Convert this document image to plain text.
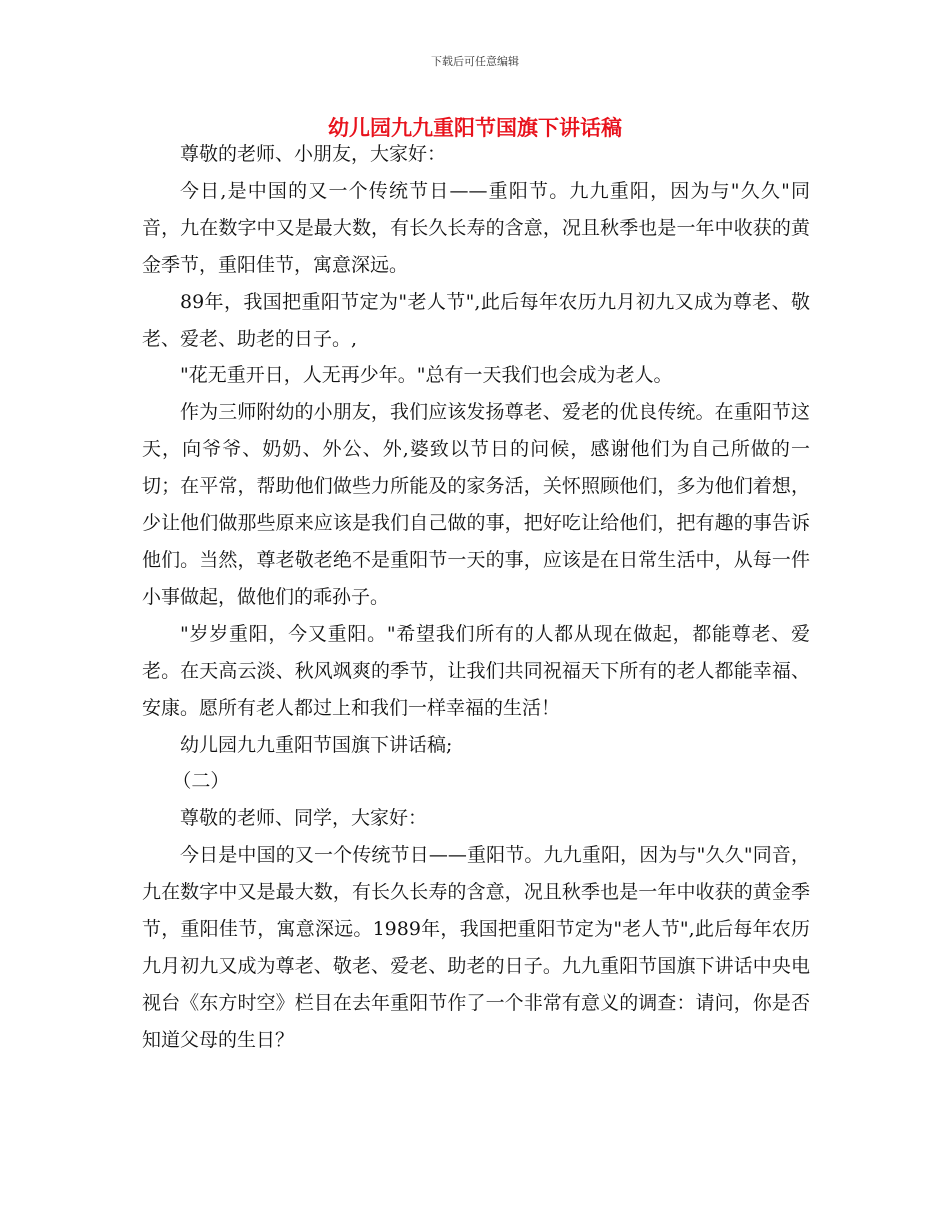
下载后可任意编辑
幼儿园九九重阳节国旗下讲话稿

尊敬的老师、小朋友，大家好：

今日,是中国的又一个传统节日——重阳节。九九重阳，因为与"久久"同音，九在数字中又是最大数，有长久长寿的含意，况且秋季也是一年中收获的黄金季节，重阳佳节，寓意深远。

89年，我国把重阳节定为"老人节",此后每年农历九月初九又成为尊老、敬老、爱老、助老的日子。,

"花无重开日，人无再少年。"总有一天我们也会成为老人。

作为三师附幼的小朋友，我们应该发扬尊老、爱老的优良传统。在重阳节这天，向爷爷、奶奶、外公、外,婆致以节日的问候，感谢他们为自己所做的一切；在平常，帮助他们做些力所能及的家务活，关怀照顾他们，多为他们着想，少让他们做那些原来应该是我们自己做的事，把好吃让给他们，把有趣的事告诉他们。当然，尊老敬老绝不是重阳节一天的事，应该是在日常生活中，从每一件小事做起，做他们的乖孙子。

"岁岁重阳，今又重阳。"希望我们所有的人都从现在做起，都能尊老、爱老。在天高云淡、秋风飒爽的季节，让我们共同祝福天下所有的老人都能幸福、安康。愿所有老人都过上和我们一样幸福的生活！

幼儿园九九重阳节国旗下讲话稿;

（二）

尊敬的老师、同学，大家好：

今日是中国的又一个传统节日——重阳节。九九重阳，因为与"久久"同音，九在数字中又是最大数，有长久长寿的含意，况且秋季也是一年中收获的黄金季节，重阳佳节，寓意深远。1989年，我国把重阳节定为"老人节",此后每年农历九月初九又成为尊老、敬老、爱老、助老的日子。九九重阳节国旗下讲话中央电视台《东方时空》栏目在去年重阳节作了一个非常有意义的调查：请问，你是否知道父母的生日？
